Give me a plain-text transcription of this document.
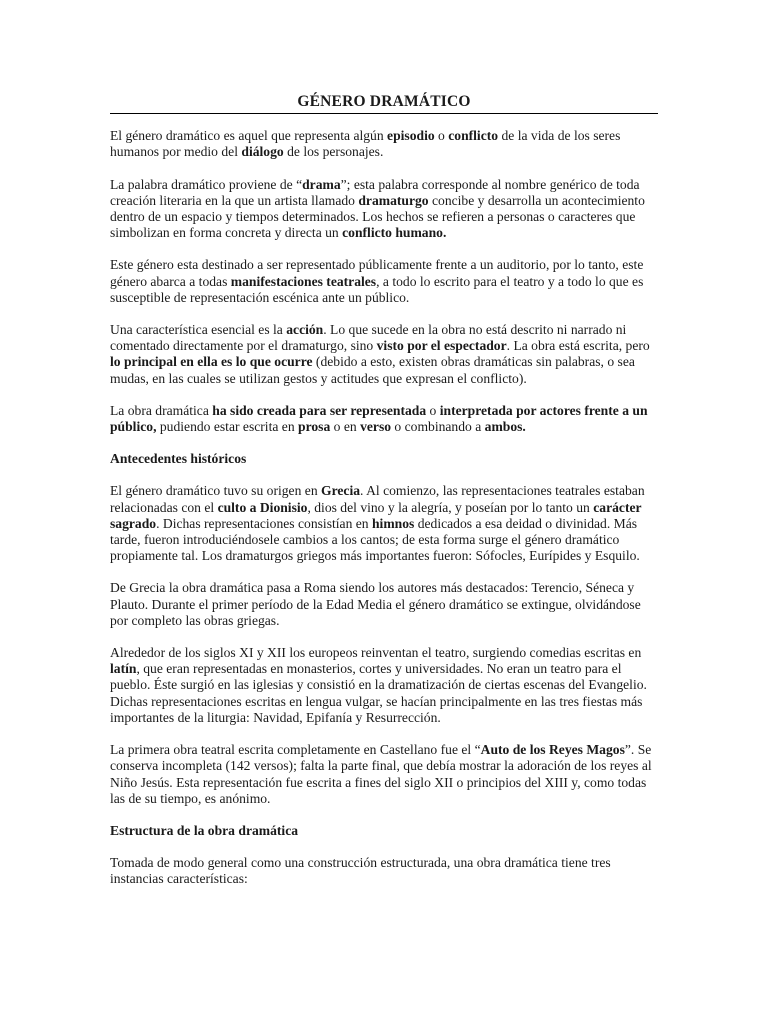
GÉNERO DRAMÁTICO

El género dramático es aquel que representa algún episodio o conflicto de la vida de los seres humanos por medio del diálogo de los personajes.

La palabra dramático proviene de “drama”; esta palabra corresponde al nombre genérico de toda creación literaria en la que un artista llamado dramaturgo concibe y desarrolla un acontecimiento dentro de un espacio y tiempos determinados. Los hechos se refieren a personas o caracteres que simbolizan en forma concreta y directa un conflicto humano.

Este género esta destinado a ser representado públicamente frente a un auditorio, por lo tanto, este género abarca a todas manifestaciones teatrales, a todo lo escrito para el teatro y a todo lo que es susceptible de representación escénica ante un público.

Una característica esencial es la acción. Lo que sucede en la obra no está descrito ni narrado ni comentado directamente por el dramaturgo, sino visto por el espectador. La obra está escrita, pero lo principal en ella es lo que ocurre (debido a esto, existen obras dramáticas sin palabras, o sea mudas, en las cuales se utilizan gestos y actitudes que expresan el conflicto).

La obra dramática ha sido creada para ser representada o interpretada por actores frente a un público, pudiendo estar escrita en prosa o en verso o combinando a ambos.

Antecedentes históricos

El género dramático tuvo su origen en Grecia. Al comienzo, las representaciones teatrales estaban relacionadas con el culto a Dionisio, dios del vino y la alegría, y poseían por lo tanto un carácter sagrado. Dichas representaciones consistían en himnos dedicados a esa deidad o divinidad. Más tarde, fueron introduciéndosele cambios a los cantos; de esta forma surge el género dramático propiamente tal. Los dramaturgos griegos más importantes fueron: Sófocles, Eurípides y Esquilo.

De Grecia la obra dramática pasa a Roma siendo los autores más destacados: Terencio, Séneca y Plauto. Durante el primer período de la Edad Media el género dramático se extingue, olvidándose por completo las obras griegas.

Alrededor de los siglos XI y XII los europeos reinventan el teatro, surgiendo comedias escritas en latín, que eran representadas en monasterios, cortes y universidades. No eran un teatro para el pueblo. Éste surgió en las iglesias y consistió en la dramatización de ciertas escenas del Evangelio. Dichas representaciones escritas en lengua vulgar, se hacían principalmente en las tres fiestas más importantes de la liturgia: Navidad, Epifanía y Resurrección.

La primera obra teatral escrita completamente en Castellano fue el “Auto de los Reyes Magos”. Se conserva incompleta (142 versos); falta la parte final, que debía mostrar la adoración de los reyes al Niño Jesús. Esta representación fue escrita a fines del siglo XII o principios del XIII y, como todas las de su tiempo, es anónimo.

Estructura de la obra dramática

Tomada de modo general como una construcción estructurada, una obra dramática tiene tres instancias características:
